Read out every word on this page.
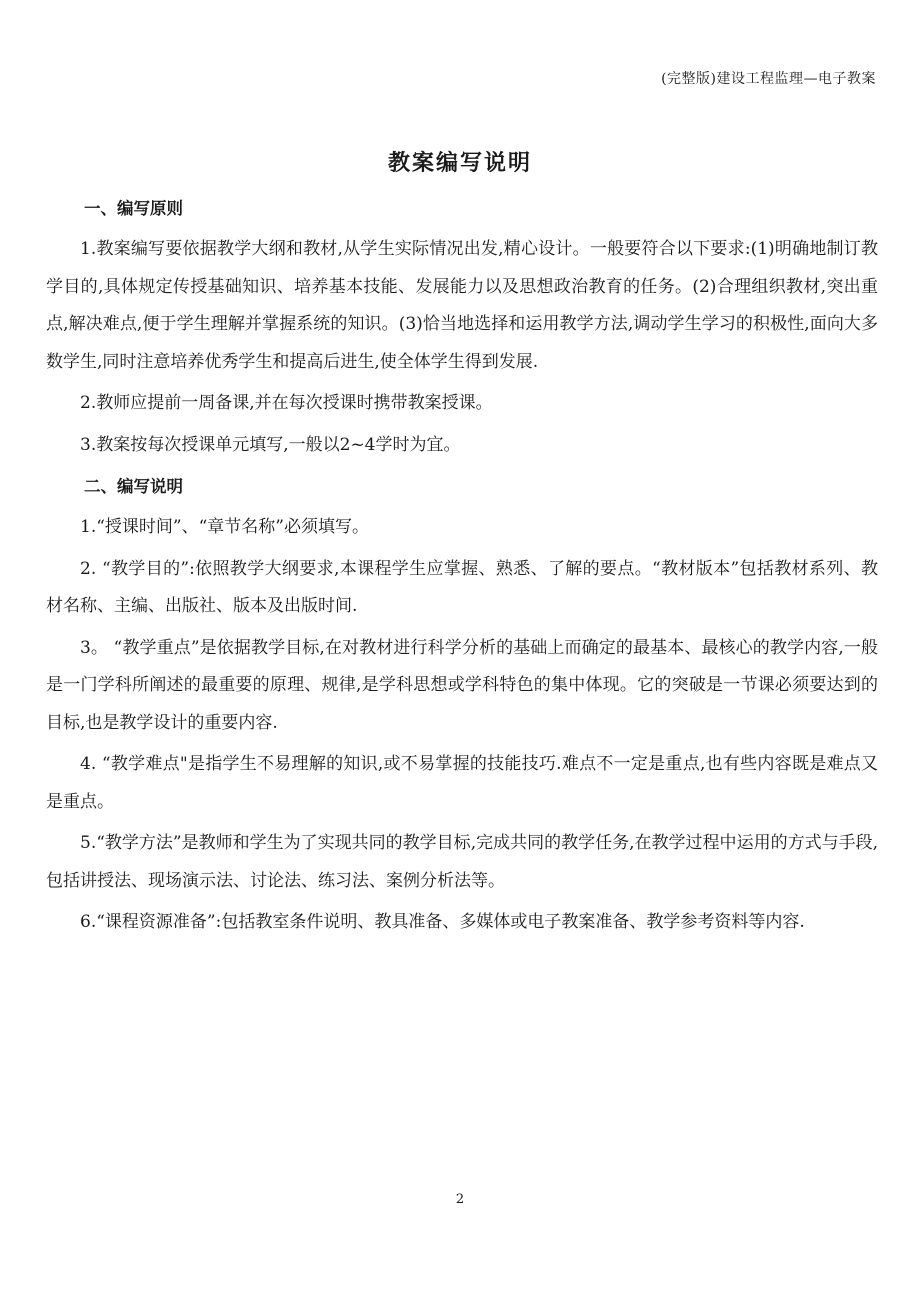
(完整版)建设工程监理—电子教案
教案编写说明

一、编写原则

1.教案编写要依据教学大纲和教材,从学生实际情况出发,精心设计。一般要符合以下要求:(1)明确地制订教学目的,具体规定传授基础知识、培养基本技能、发展能力以及思想政治教育的任务。(2)合理组织教材,突出重点,解决难点,便于学生理解并掌握系统的知识。(3)恰当地选择和运用教学方法,调动学生学习的积极性,面向大多数学生,同时注意培养优秀学生和提高后进生,使全体学生得到发展.

2.教师应提前一周备课,并在每次授课时携带教案授课。

3.教案按每次授课单元填写,一般以2~4学时为宜。

二、编写说明

1.“授课时间”、“章节名称”必须填写。

2. “教学目的”:依照教学大纲要求,本课程学生应掌握、熟悉、了解的要点。“教材版本”包括教材系列、教材名称、主编、出版社、版本及出版时间.

3。 “教学重点”是依据教学目标,在对教材进行科学分析的基础上而确定的最基本、最核心的教学内容,一般是一门学科所阐述的最重要的原理、规律,是学科思想或学科特色的集中体现。它的突破是一节课必须要达到的目标,也是教学设计的重要内容.

4. “教学难点"是指学生不易理解的知识,或不易掌握的技能技巧.难点不一定是重点,也有些内容既是难点又是重点。

5.“教学方法”是教师和学生为了实现共同的教学目标,完成共同的教学任务,在教学过程中运用的方式与手段,包括讲授法、现场演示法、讨论法、练习法、案例分析法等。

6.“课程资源准备”:包括教室条件说明、教具准备、多媒体或电子教案准备、教学参考资料等内容.

2
